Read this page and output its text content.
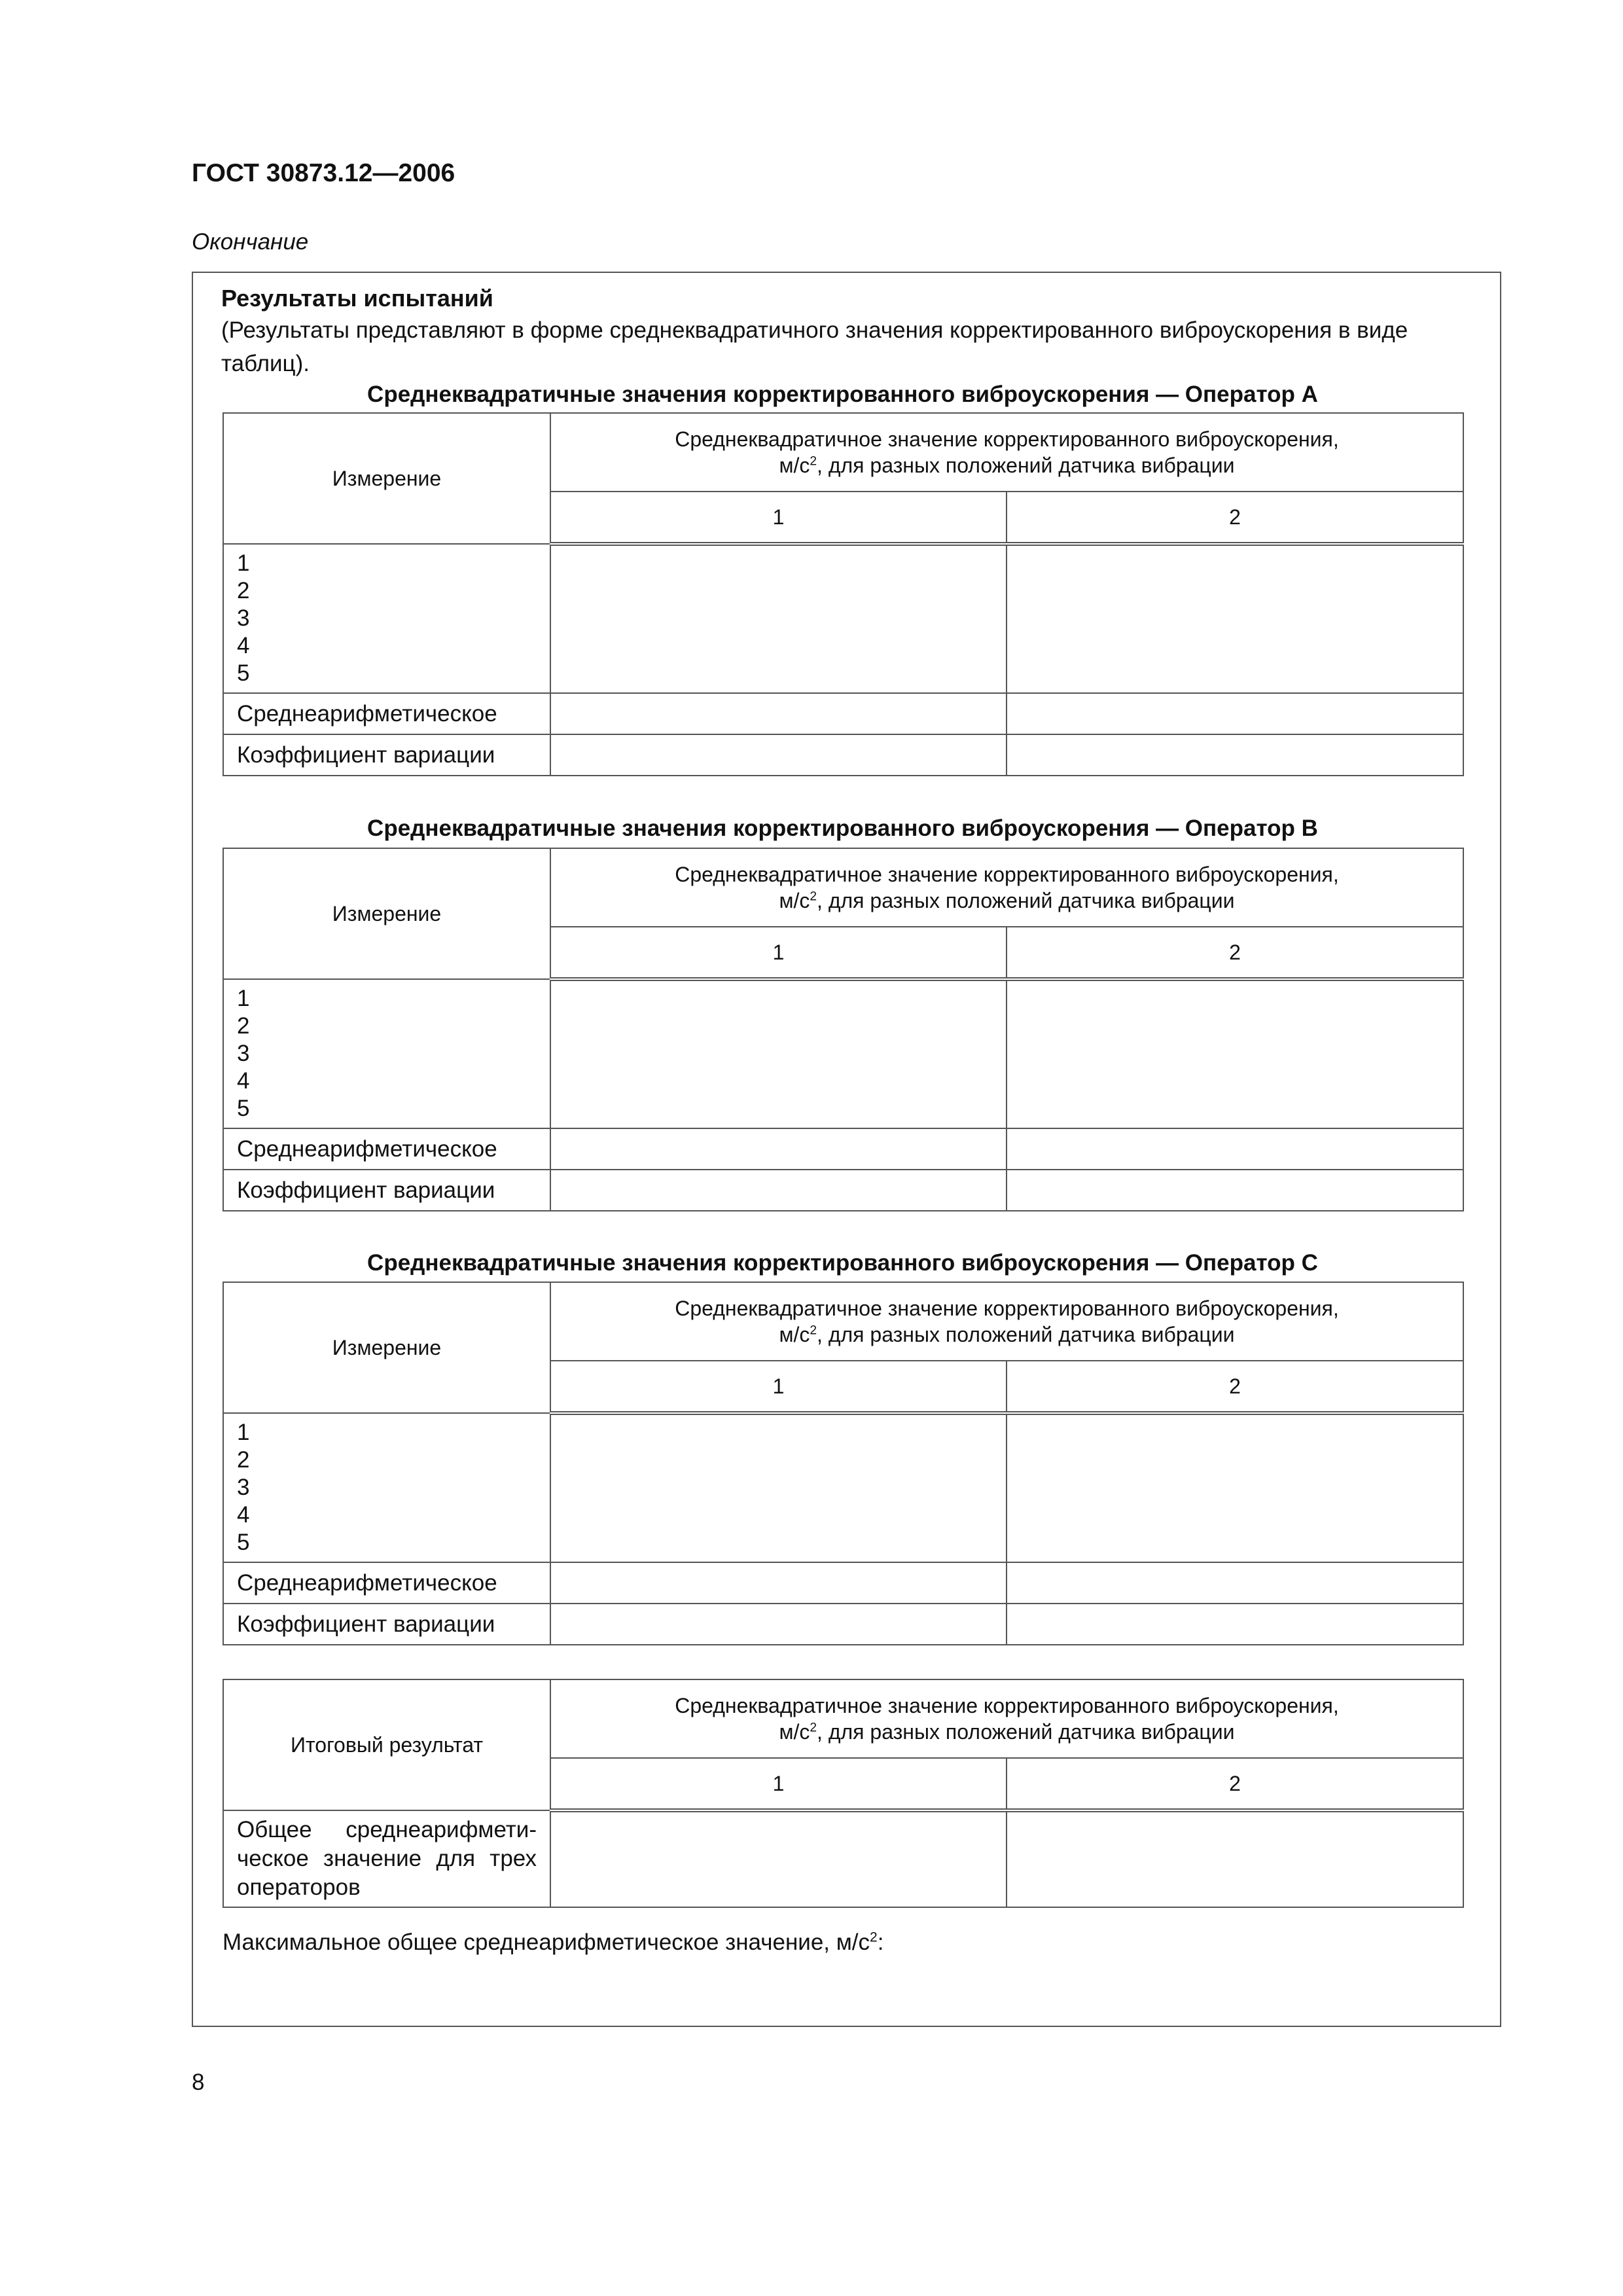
ГОСТ 30873.12—2006
Окончание
Результаты испытаний
(Результаты представляют в форме среднеквадратичного значения корректированного виброускорения в виде таблиц).
Среднеквадратичные значения корректированного виброускорения — Оператор А
Измерение	Среднеквадратичное значение корректированного виброускорения,
$м/с^2$, для разных положений датчика вибрации	
	1	2

1
2
3
4
5		

Среднеарифметическое		
Коэффициент вариации		
Среднеквадратичные значения корректированного виброускорения — Оператор В
Измерение	Среднеквадратичное значение корректированного виброускорения,
$м/с^2$, для разных положений датчика вибрации	
	1	2

1
2
3
4
5		

Среднеарифметическое		
Коэффициент вариации		
Среднеквадратичные значения корректированного виброускорения — Оператор С
Измерение	Среднеквадратичное значение корректированного виброускорения,
$м/с^2$, для разных положений датчика вибрации	
	1	2

1
2
3
4
5		

Среднеарифметическое		
Коэффициент вариации		
Итоговый результат	Среднеквадратичное значение корректированного виброускорения,
$м/с^2$, для разных положений датчика вибрации	
	1	2
Общее среднеарифмети-ческое значение для трех операторов		
Максимальное общее среднеарифметическое значение, $м/с^2$:
8
